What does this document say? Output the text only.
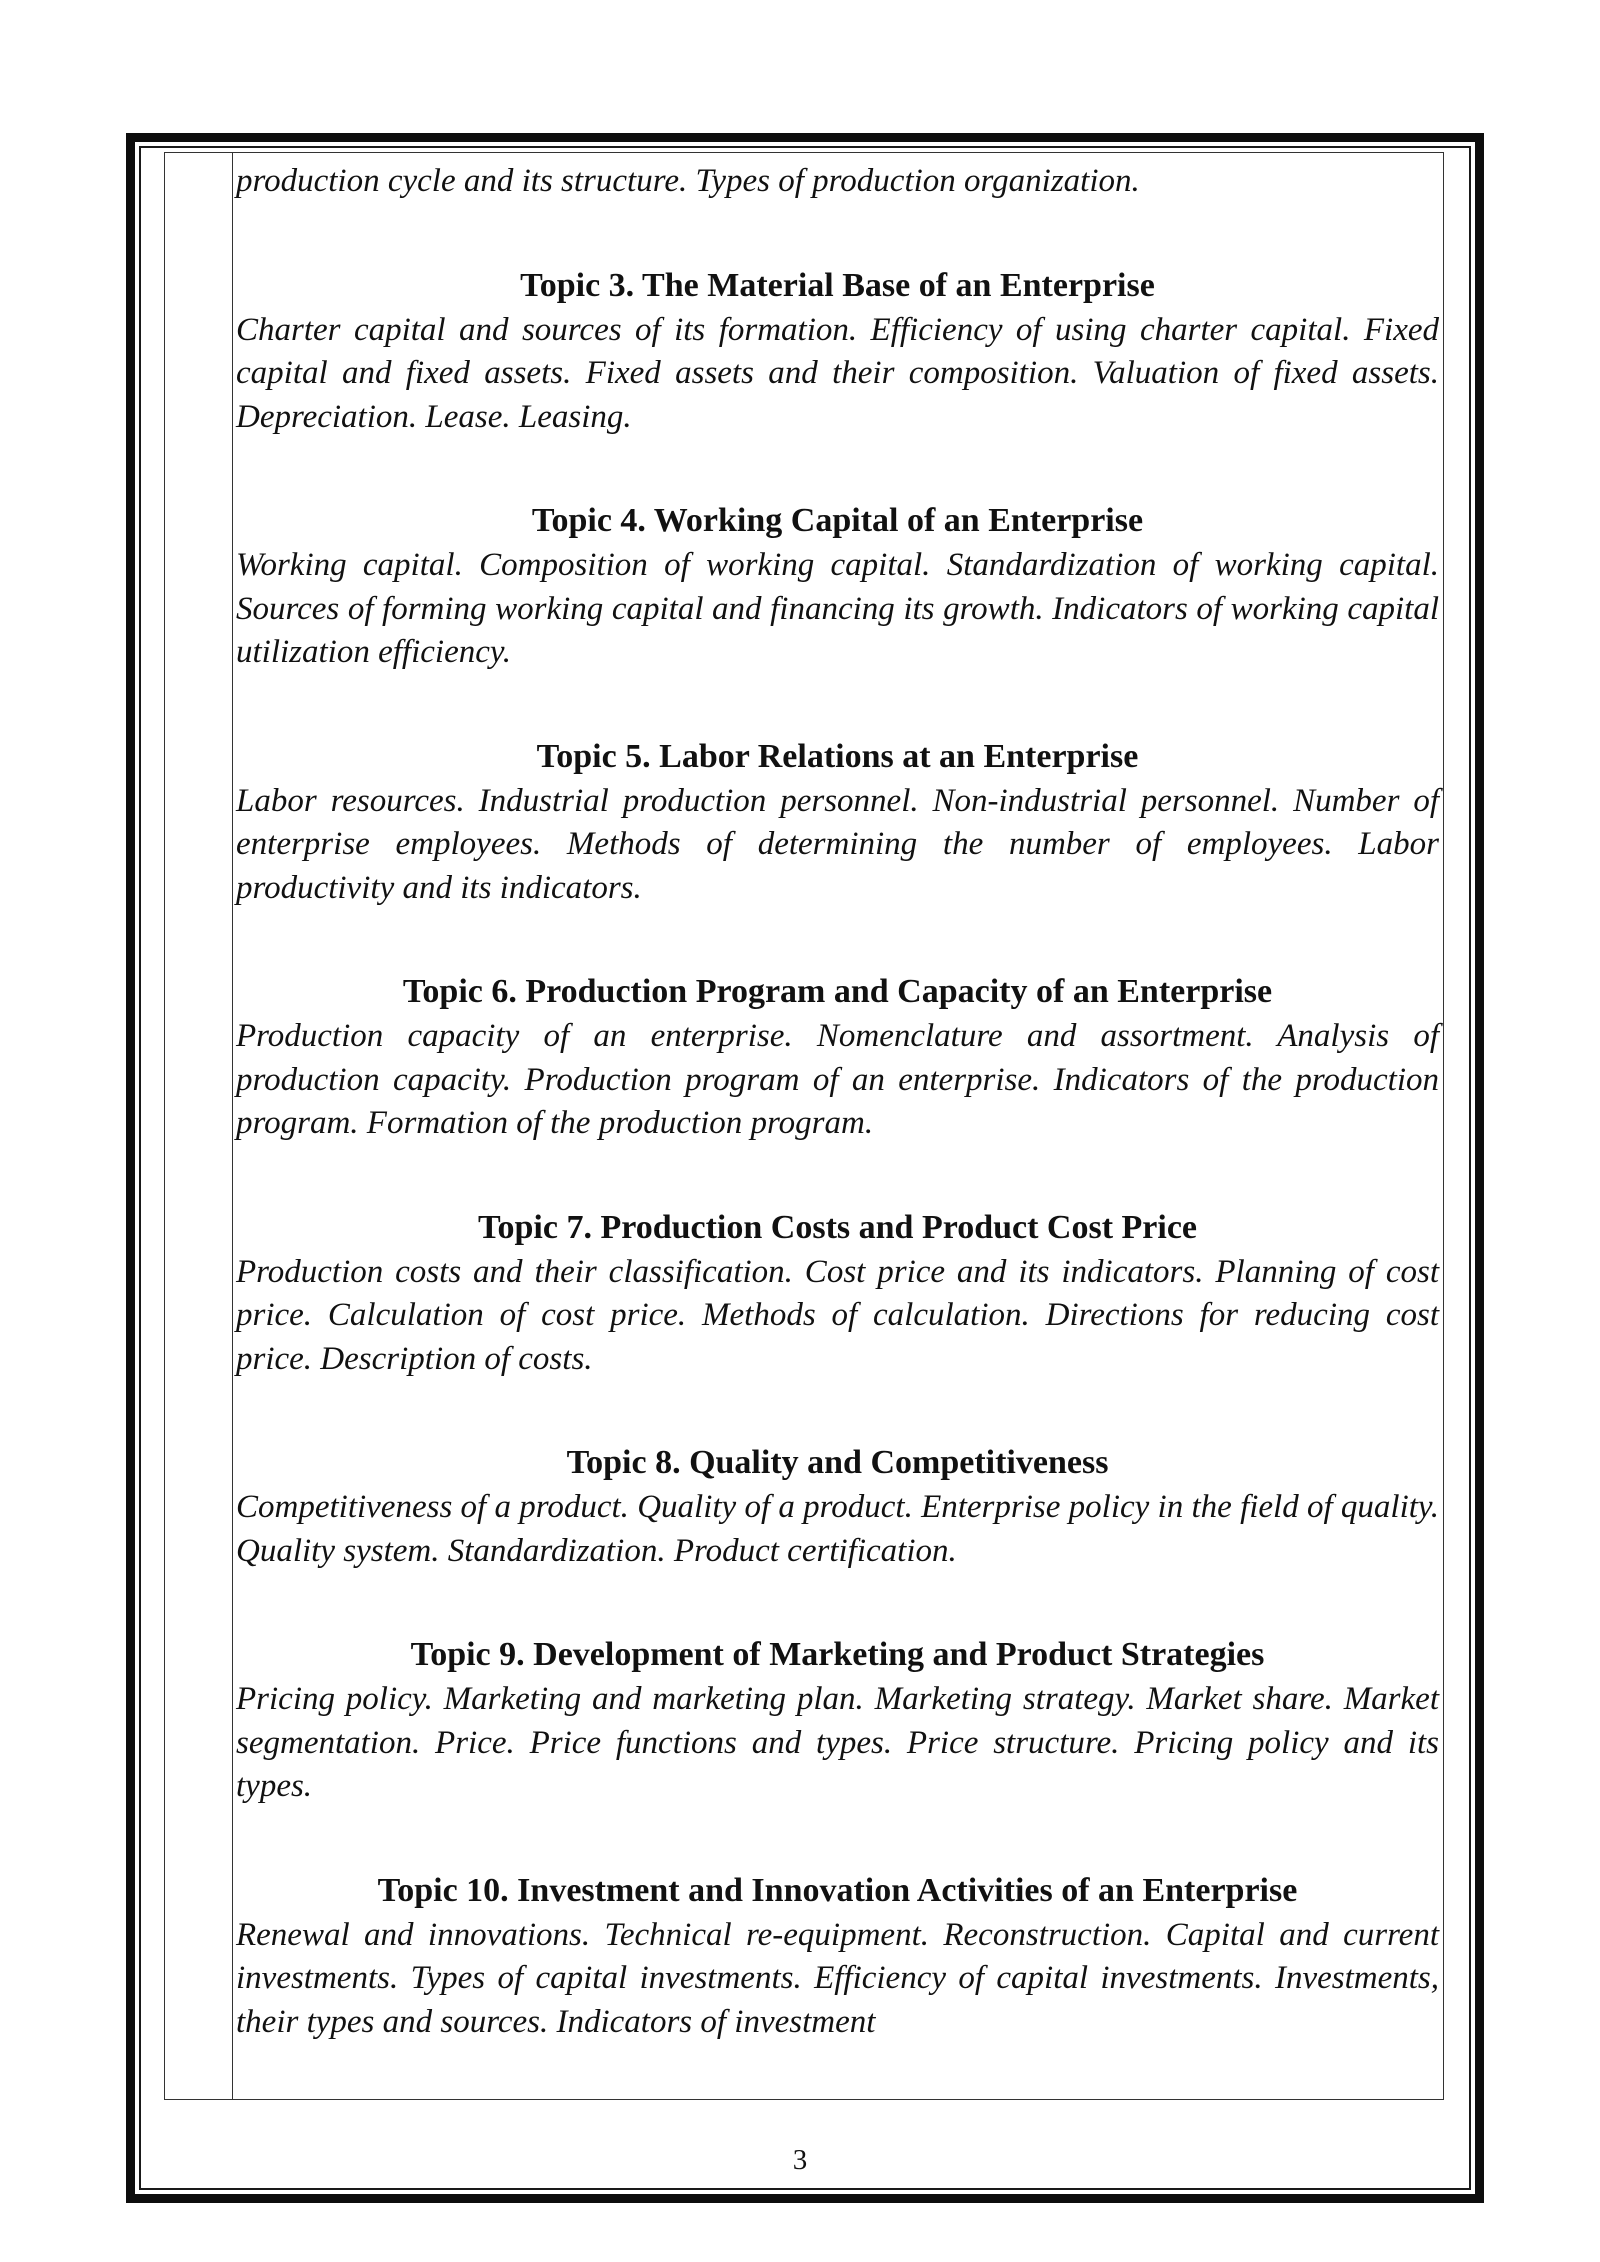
production cycle and its structure. Types of production organization.

Topic 3. The Material Base of an Enterprise

Charter capital and sources of its formation. Efficiency of using charter capital. Fixed capital and fixed assets. Fixed assets and their composition. Valuation of fixed assets. Depreciation. Lease. Leasing.

Topic 4. Working Capital of an Enterprise

Working capital. Composition of working capital. Standardization of working capital. Sources of forming working capital and financing its growth. Indicators of working capital utilization efficiency.

Topic 5. Labor Relations at an Enterprise

Labor resources. Industrial production personnel. Non-industrial personnel. Number of enterprise employees. Methods of determining the number of employees. Labor productivity and its indicators.

Topic 6. Production Program and Capacity of an Enterprise

Production capacity of an enterprise. Nomenclature and assortment. Analysis of production capacity. Production program of an enterprise. Indicators of the production program. Formation of the production program.

Topic 7. Production Costs and Product Cost Price

Production costs and their classification. Cost price and its indicators. Planning of cost price. Calculation of cost price. Methods of calculation. Directions for reducing cost price. Description of costs.

Topic 8. Quality and Competitiveness

Competitiveness of a product. Quality of a product. Enterprise policy in the field of quality. Quality system. Standardization. Product certification.

Topic 9. Development of Marketing and Product Strategies

Pricing policy. Marketing and marketing plan. Marketing strategy. Market share. Market segmentation. Price. Price functions and types. Price structure. Pricing policy and its types.

Topic 10. Investment and Innovation Activities of an Enterprise

Renewal and innovations. Technical re-equipment. Reconstruction. Capital and current investments. Types of capital investments. Efficiency of capital investments. Investments, their types and sources. Indicators of investment

3
